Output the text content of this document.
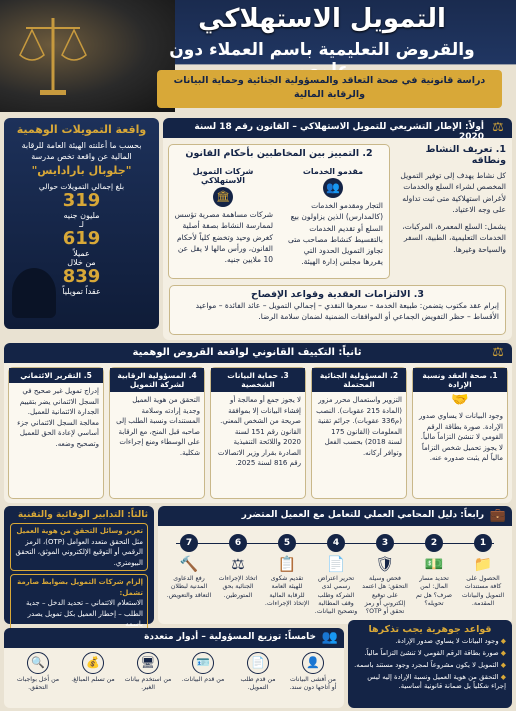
التمويل الاستهلاكي
والقروض التعليمية باسم العملاء دون
دراسة قانونية في صحة التعاقد والمسؤولية الجنائية وحماية البيانات والرقابة المالية
واقعة التمويلات الوهمية
بحسب ما أعلنته الهيئة العامة للرقابة المالية عن واقعة تخص مدرسة
"جلوبال بارادايس"
بلغ إجمالي التمويلات حوالي
319
مليون جنيه
لـ
619
عميلاً
من خلال
839
عقداً تمويلياً
⚖
أولاً: الإطار التشريعي للتمويل الاستهلاكي – القانون رقم 18 لسنة 2020
1. تعريف النشاط ونطاقه
كل نشاط يهدف إلى توفير التمويل المخصص لشراء السلع والخدمات لأغراض استهلاكية متى ثبت تداوله على وجه الاعتياد.
يشمل: السلع المعمرة، المركبات، الخدمات التعليمية، الطبية، السفر والسياحة وغيرها.
2. التمييز بين المخاطبين بأحكام القانون
مقدمو الخدمات
👥
التجار ومقدمو الخدمات (كالمدارس) الذين يزاولون بيع السلع أو تقديم الخدمات بالتقسيط كنشاط مصاحب متى تجاوز التمويل الحدود التي يقررها مجلس إدارة الهيئة.
شركات التمويل الاستهلاكي
🏛
شركات مساهمة مصرية تؤسس لممارسة النشاط بصفة أصلية كغرض وحيد وتخضع كلياً لأحكام القانون، ورأس مالها لا يقل عن 10 ملايين جنيه.
3. الالتزامات العقدية وقواعد الإفصاح
إبرام عقد مكتوب يتضمن: طبيعة الخدمة – سعرها النقدي – إجمالي التمويل – عائد الفائدة – مواعيد الأقساط – حظر التفويض الجماعي أو الموافقات الضمنية لضمان سلامة الرضا.
⚖
ثانياً: التكييف القانوني لواقعة القروض الوهمية
1. صحة العقد ونسبة الإرادة
🤝
وجود البيانات لا يساوي صدور الإرادة. صورة بطاقة الرقم القومي لا تنشئ التزاماً مالياً. لا يجوز تحميل شخص التزاماً مالياً لم يثبت صدوره عنه.
2. المسؤولية الجنائية المحتملة
التزوير واستعمال محرر مزور (المادة 215 عقوبات). النصب (م336 عقوبات). جرائم تقنية المعلومات (القانون 175 لسنة 2018) بحسب الفعل وتوافر أركانه.
3. حماية البيانات الشخصية
لا يجوز جمع أو معالجة أو إفشاء البيانات إلا بموافقة صريحة من الشخص المعني. القانون رقم 151 لسنة 2020 واللائحة التنفيذية الصادرة بقرار وزير الاتصالات رقم 816 لسنة 2025.
4. المسؤولية الرقابية لشركة التمويل
التحقق من هوية العميل وجدية إرادته وسلامة المستندات ونسبة الطلب إلى صاحبه قبل المنح، مع الرقابة على الوسطاء ومنع إجراءات شكلية.
5. التقرير الائتماني
إدراج تمويل غير صحيح في السجل الائتماني يضر بتقييم الجدارة الائتمانية للعميل. معالجة السجل الائتماني جزء أساسي لإعادة الحق للعميل وتصحيح وضعه.
ثالثاً: التدابير الوقائية والتقنية
تعزيز وسائل التحقق من هوية العميل
مثل التحقق متعدد العوامل (OTP)، الرمز الرقمي أو التوقيع الإلكتروني الموثق، التحقق البيومتري.
إلزام شركات التمويل بضوابط صارمة تشمل:
الاستعلام الائتماني – تحديد الدخل – جدية الطلب – إخطار العميل بكل تمويل يصدر باسمه
💼
رابعاً: دليل المحامي العملي للتعامل مع العميل المتضرر
1
📁
الحصول على كافة مستندات التمويل والبيانات المقدمة.
2
💵
تحديد مسار المال: لمن صرف؟ هل تم تحويله؟
3
🛡
فحص وسيلة التحقق: هل اعتمد على توقيع إلكتروني أو رمز تحقق أو OTP؟
4
📄
تحرير اعتراض رسمي لدى الشركة وطلب وقف المطالبة وتصحيح البيانات.
5
📋
تقديم شكوى للهيئة العامة للرقابة المالية الإتخاذ الإجراءات.
6
⚖
اتخاذ الإجراءات الجنائية بحق المتورطين.
7
🔨
رفع الدعاوى المدنية لبطلان التعاقد والتعويض.
👥
خامساً: توزيع المسؤولية – أدوار متعددة
👤
من أفشى البيانات أو أتاحها دون سند.
📄
من قدم طلب التمويل.
🪪
من قدم البيانات.
🖥
من استخدم بيانات الغير.
💰
من تسلم المبالغ.
🔍
من أخل بواجبات التحقق.
قواعد جوهرية يجب تذكرها
◆ وجود البيانات لا يساوي صدور الإرادة.
◆ صورة بطاقة الرقم القومي لا تنشئ التزاماً مالياً.
◆ التمويل لا يكون مشروعاً لمجرد وجود مستند باسمه.
◆ التحقق من هوية العميل ونسبة الإرادة إليه ليس إجراء شكلياً بل ضمانة قانونية أساسية.
